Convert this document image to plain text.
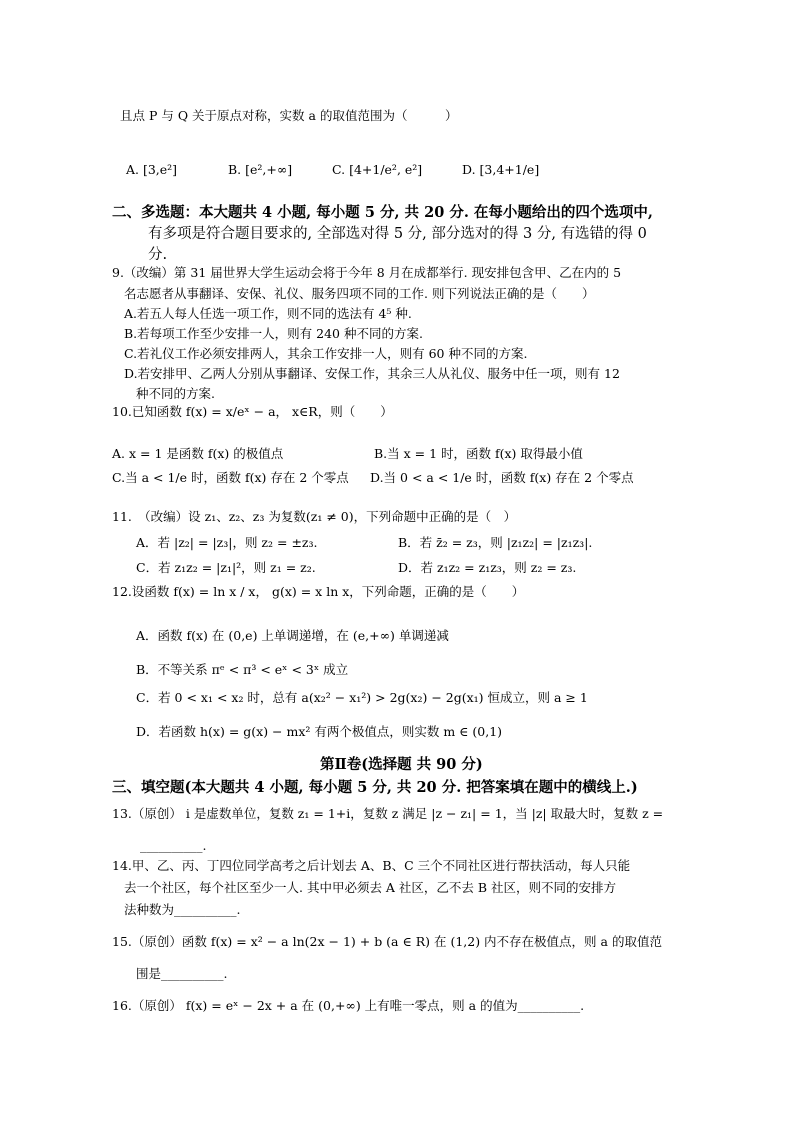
且点 P 与 Q 关于原点对称，实数 a 的取值范围为（　　　）
A. [3,e²]	B. [e²,+∞]	C. [4+1/e², e²]	D. [3,4+1/e]
二、多选题：本大题共 4 小题, 每小题 5 分, 共 20 分. 在每小题给出的四个选项中,
有多项是符合题目要求的, 全部选对得 5 分, 部分选对的得 3 分, 有选错的得 0
分.
9.（改编）第 31 届世界大学生运动会将于今年 8 月在成都举行. 现安排包含甲、乙在内的 5
名志愿者从事翻译、安保、礼仪、服务四项不同的工作. 则下列说法正确的是（　　）
A.若五人每人任选一项工作，则不同的选法有 4⁵ 种.
B.若每项工作至少安排一人，则有 240 种不同的方案.
C.若礼仪工作必须安排两人，其余工作安排一人，则有 60 种不同的方案.
D.若安排甲、乙两人分别从事翻译、安保工作，其余三人从礼仪、服务中任一项，则有 12
种不同的方案.
10.已知函数 f(x) = x/eˣ − a， x∈R，则（　　）
A. x = 1 是函数 f(x) 的极值点	B.当 x = 1 时，函数 f(x) 取得最小值
C.当 a < 1/e 时，函数 f(x) 存在 2 个零点 D.当 0 < a < 1/e 时，函数 f(x) 存在 2 个零点
11.　（改编）设 z₁、z₂、z₃ 为复数(z₁ ≠ 0)，下列命题中正确的是（　）
A．若 |z₂| = |z₃|，则 z₂ = ±z₃.	B．若 z̄₂ = z₃，则 |z₁z₂| = |z₁z₃|.
C．若 z₁z₂ = |z₁|²，则 z₁ = z₂.	D．若 z₁z₂ = z₁z₃，则 z₂ = z₃.
12.设函数 f(x) = ln x / x， g(x) = x ln x，下列命题，正确的是（　　）
A．函数 f(x) 在 (0,e) 上单调递增，在 (e,+∞) 单调递减
B．不等关系 πᵉ < π³ < eˣ < 3ˣ 成立
C．若 0 < x₁ < x₂ 时，总有 a(x₂² − x₁²) > 2g(x₂) − 2g(x₁) 恒成立，则 a ≥ 1
D．若函数 h(x) = g(x) − mx² 有两个极值点，则实数 m ∈ (0,1)
第Ⅱ卷(选择题 共 90 分)
三、填空题(本大题共 4 小题, 每小题 5 分, 共 20 分. 把答案填在题中的横线上.)
13.（原创） i 是虚数单位，复数 z₁ = 1+i，复数 z 满足 |z − z₁| = 1，当 |z| 取最大时，复数 z =
__________.
14.甲、乙、丙、丁四位同学高考之后计划去 A、B、C 三个不同社区进行帮扶活动，每人只能
去一个社区，每个社区至少一人. 其中甲必须去 A 社区，乙不去 B 社区，则不同的安排方
法种数为__________.
15.（原创）函数 f(x) = x² − a ln(2x − 1) + b (a ∈ R) 在 (1,2) 内不存在极值点，则 a 的取值范
围是__________.
16.（原创） f(x) = eˣ − 2x + a 在 (0,+∞) 上有唯一零点，则 a 的值为__________.
